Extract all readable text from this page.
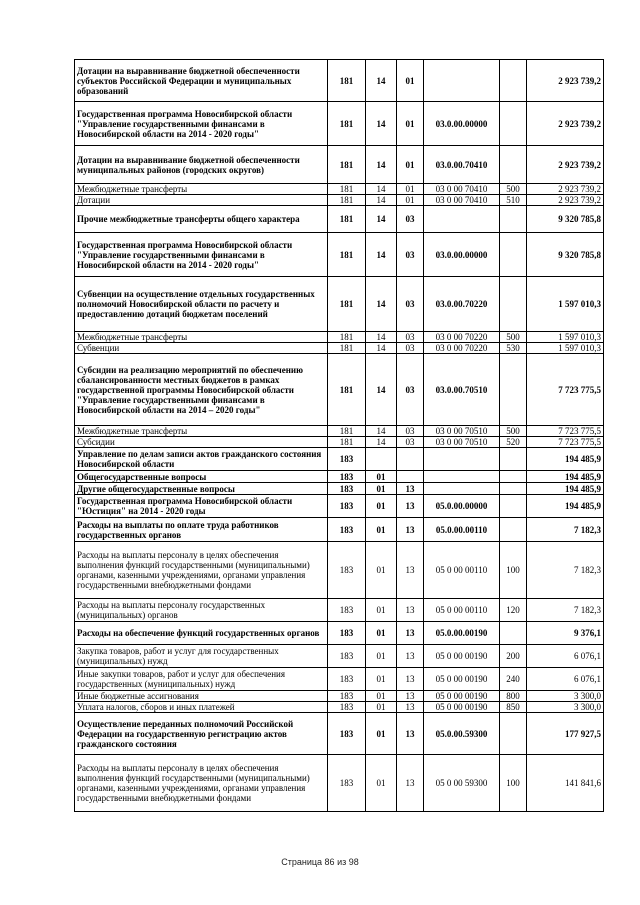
Дотации на выравнивание бюджетной обеспеченности субъектов Российской Федерации и муниципальных образований	181	14	01			2 923 739,2
Государственная программа Новосибирской области "Управление государственными финансами в Новосибирской области на 2014 - 2020 годы"	181	14	01	03.0.00.00000		2 923 739,2
Дотации на выравнивание бюджетной обеспеченности муниципальных районов (городских округов)	181	14	01	03.0.00.70410		2 923 739,2
Межбюджетные трансферты	181	14	01	03 0 00 70410	500	2 923 739,2
Дотации	181	14	01	03 0 00 70410	510	2 923 739,2
Прочие межбюджетные трансферты общего характера	181	14	03			9 320 785,8
Государственная программа Новосибирской области "Управление государственными финансами в Новосибирской области на 2014 - 2020 годы"	181	14	03	03.0.00.00000		9 320 785,8
Субвенции на осуществление отдельных государственных полномочий Новосибирской области по расчету и предоставлению дотаций бюджетам поселений	181	14	03	03.0.00.70220		1 597 010,3
Межбюджетные трансферты	181	14	03	03 0 00 70220	500	1 597 010,3
Субвенции	181	14	03	03 0 00 70220	530	1 597 010,3
Субсидии на реализацию мероприятий по обеспечению сбалансированности местных бюджетов в рамках государственной программы Новосибирской области "Управление государственными финансами в Новосибирской области на 2014 – 2020 годы"	181	14	03	03.0.00.70510		7 723 775,5
Межбюджетные трансферты	181	14	03	03 0 00 70510	500	7 723 775,5
Субсидии	181	14	03	03 0 00 70510	520	7 723 775,5
Управление по делам записи актов гражданского состояния Новосибирской области	183					194 485,9
Общегосударственные вопросы	183	01				194 485,9
Другие общегосударственные вопросы	183	01	13			194 485,9
Государственная программа Новосибирской области "Юстиция" на 2014 - 2020 годы	183	01	13	05.0.00.00000		194 485,9
Расходы на выплаты по оплате труда работников государственных органов	183	01	13	05.0.00.00110		7 182,3
Расходы на выплаты персоналу в целях обеспечения выполнения функций государственными (муниципальными) органами, казенными учреждениями, органами управления государственными внебюджетными фондами	183	01	13	05 0 00 00110	100	7 182,3
Расходы на выплаты персоналу государственных (муниципальных) органов	183	01	13	05 0 00 00110	120	7 182,3
Расходы на обеспечение функций государственных органов	183	01	13	05.0.00.00190		9 376,1
Закупка товаров, работ и услуг для государственных (муниципальных) нужд	183	01	13	05 0 00 00190	200	6 076,1
Иные закупки товаров, работ и услуг для обеспечения государственных (муниципальных) нужд	183	01	13	05 0 00 00190	240	6 076,1
Иные бюджетные ассигнования	183	01	13	05 0 00 00190	800	3 300,0
Уплата налогов, сборов и иных платежей	183	01	13	05 0 00 00190	850	3 300,0
Осуществление переданных полномочий Российской Федерации на государственную регистрацию актов гражданского состояния	183	01	13	05.0.00.59300		177 927,5
Расходы на выплаты персоналу в целях обеспечения выполнения функций государственными (муниципальными) органами, казенными учреждениями, органами управления государственными внебюджетными фондами	183	01	13	05 0 00 59300	100	141 841,6
Страница 86 из 98
